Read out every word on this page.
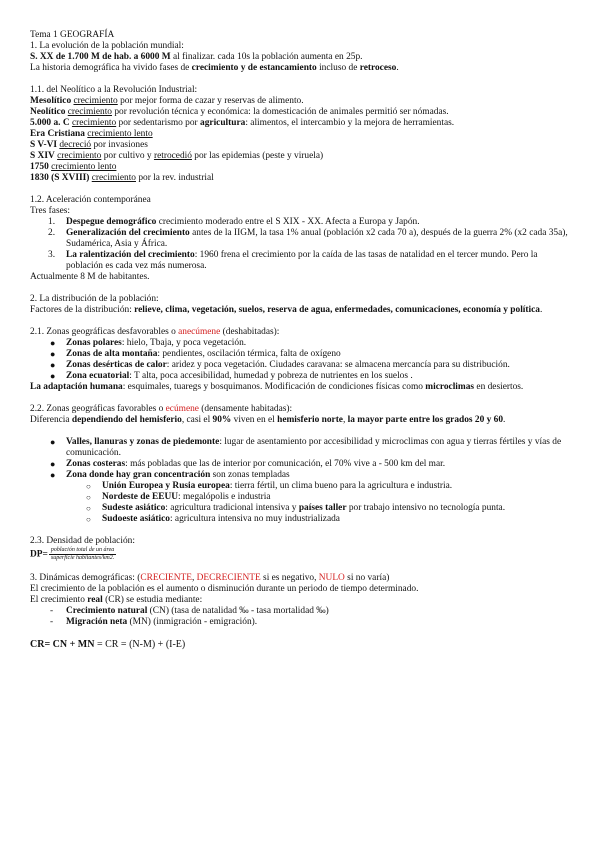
Tema 1 GEOGRAFÍA

1. La evolución de la población mundial:

S. XX de 1.700 M de hab. a 6000 M al finalizar. cada 10s la población aumenta en 25p.

La historia demográfica ha vivido fases de crecimiento y de estancamiento incluso de retroceso.

1.1. del Neolítico a la Revolución Industrial:

Mesolítico crecimiento por mejor forma de cazar y reservas de alimento.

Neolítico crecimiento por revolución técnica y económica: la domesticación de animales permitió ser nómadas.

5.000 a. C crecimiento por sedentarismo por agricultura: alimentos, el intercambio y la mejora de herramientas.

Era Cristiana crecimiento lento

S V-VI decreció por invasiones

S XIV crecimiento por cultivo y retrocedió por las epidemias (peste y viruela)

1750 crecimiento lento

1830 (S XVIII) crecimiento por la rev. industrial

1.2. Aceleración contemporánea

Tres fases:

1. Despegue demográfico crecimiento moderado entre el S XIX - XX. Afecta a Europa y Japón.
2. Generalización del crecimiento antes de la IIGM, la tasa 1% anual (población x2 cada 70 a), después de la guerra 2% (x2 cada 35a), Sudamérica, Asia y África.
3. La ralentización del crecimiento: 1960 frena el crecimiento por la caída de las tasas de natalidad en el tercer mundo. Pero la población es cada vez más numerosa.

Actualmente 8 M de habitantes.

2. La distribución de la población:

Factores de la distribución: relieve, clima, vegetación, suelos, reserva de agua, enfermedades, comunicaciones, economía y política.

2.1. Zonas geográficas desfavorables o anecúmene (deshabitadas):

● Zonas polares: hielo, Tbaja, y poca vegetación.
● Zonas de alta montaña: pendientes, oscilación térmica, falta de oxígeno
● Zonas desérticas de calor: aridez y poca vegetación. Ciudades caravana: se almacena mercancía para su distribución.
● Zona ecuatorial: T alta, poca accesibilidad, humedad y pobreza de nutrientes en los suelos .

La adaptación humana: esquimales, tuaregs y bosquimanos. Modificación de condiciones físicas como microclimas en desiertos.

2.2. Zonas geográficas favorables o ecúmene (densamente habitadas):

Diferencia dependiendo del hemisferio, casi el 90% viven en el hemisferio norte, la mayor parte entre los grados 20 y 60.

● Valles, llanuras y zonas de piedemonte: lugar de asentamiento por accesibilidad y microclimas con agua y tierras fértiles y vías de comunicación.
● Zonas costeras: más pobladas que las de interior por comunicación, el 70% vive a - 500 km del mar.
● Zona donde hay gran concentración son zonas templadas
○ Unión Europea y Rusia europea: tierra fértil, un clima bueno para la agricultura e industria.
○ Nordeste de EEUU: megalópolis e industria
○ Sudeste asiático: agricultura tradicional intensiva y países taller por trabajo intensivo no tecnología punta.
○ Sudoeste asiático: agricultura intensiva no muy industrializada

2.3. Densidad de población:

$DP= \frac{\text{población total de un área}}{\text{superficie habitantes/km2.}}$

3. Dinámicas demográficas: (CRECIENTE, DECRECIENTE si es negativo, NULO si no varía)

El crecimiento de la población es el aumento o disminución durante un periodo de tiempo determinado.

El crecimiento real (CR) se estudia mediante:

- Crecimiento natural (CN) (tasa de natalidad ‰ - tasa mortalidad ‰)
- Migración neta (MN) (inmigración - emigración).

CR= CN + MN = CR = (N-M) + (I-E)
